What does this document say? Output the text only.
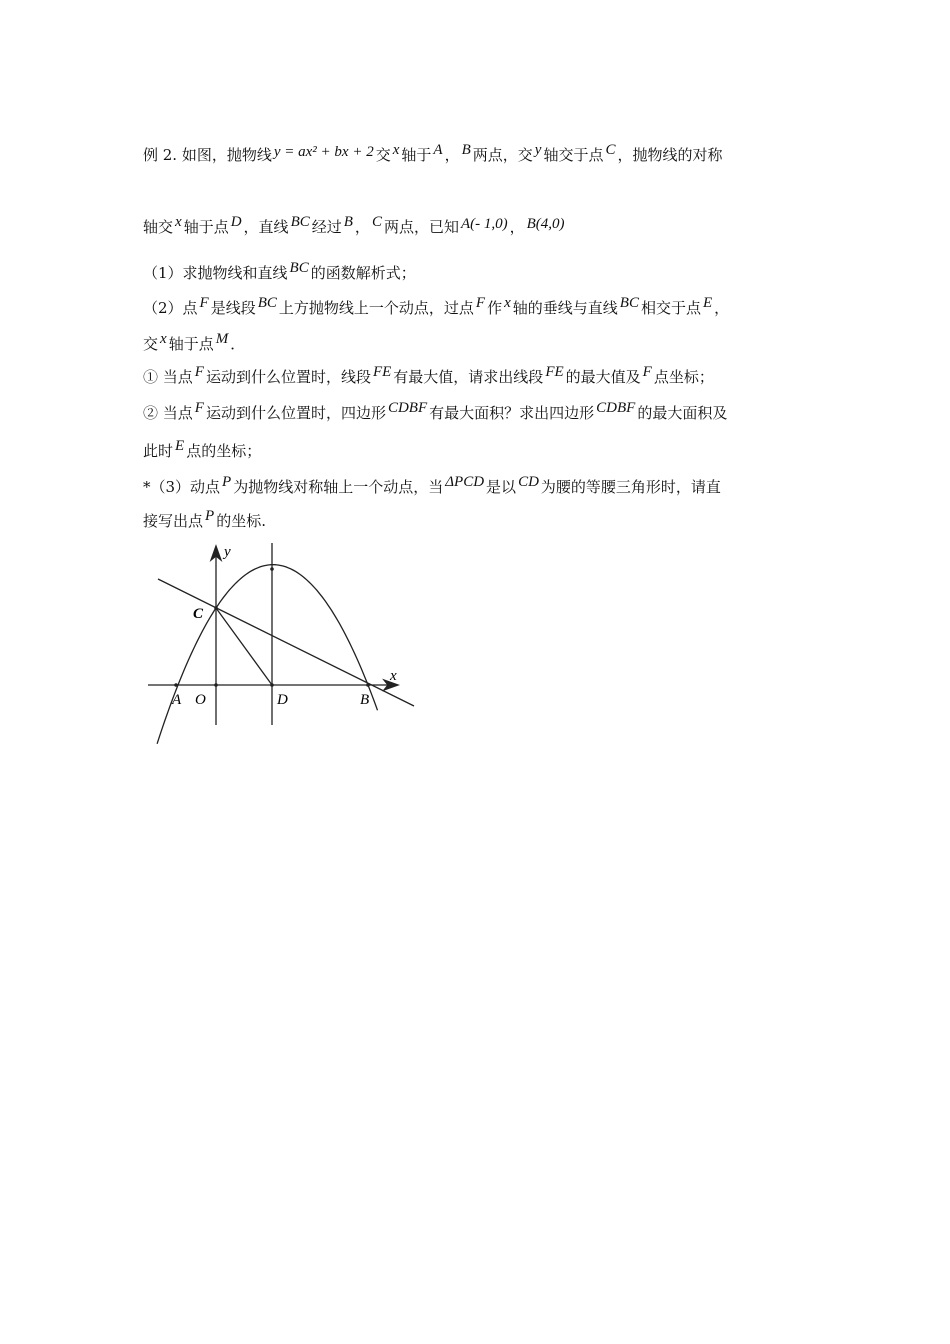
例 2. 如图，抛物线 y = ax² + bx + 2 交 x 轴于 A ， B 两点，交 y 轴交于点 C ，抛物线的对称
轴交 x 轴于点 D ，直线 BC 经过 B ， C 两点，已知 A(- 1,0) ， B(4,0)
（1）求抛物线和直线 BC 的函数解析式；
（2）点 F 是线段 BC 上方抛物线上一个动点，过点 F 作 x 轴的垂线与直线 BC 相交于点 E ，
交 x 轴于点 M ．
① 当点 F 运动到什么位置时，线段 FE 有最大值，请求出线段 FE 的最大值及 F 点坐标；
② 当点 F 运动到什么位置时，四边形 CDBF 有最大面积？求出四边形 CDBF 的最大面积及
此时 E 点的坐标；
*（3）动点 P 为抛物线对称轴上一个动点，当 ΔPCD 是以 CD 为腰的等腰三角形时，请直
接写出点 P 的坐标.
y
x
C
A O	D	B
